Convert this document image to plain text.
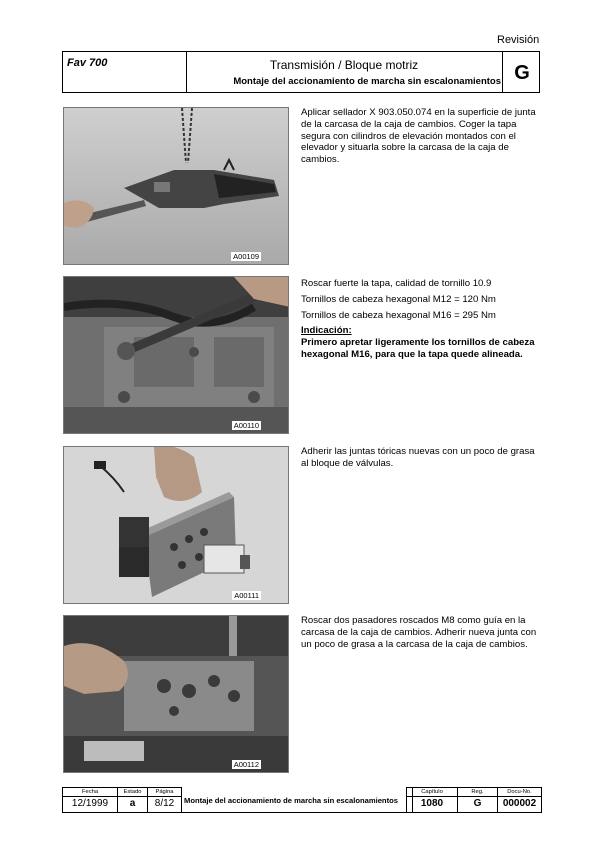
Revisión
Fav 700	Transmisión / Bloque motriz
Montaje del accionamiento de marcha sin escalonamientos G
A00109

Aplicar sellador X 903.050.074 en la superficie de junta de la carcasa de la caja de cambios. Coger la tapa segura con cilindros de elevación montados con el elevador y situarla sobre la carcasa de la caja de cambios.

A00110

Roscar fuerte la tapa, calidad de tornillo 10.9

Tornillos de cabeza hexagonal M12 = 120 Nm

Tornillos de cabeza hexagonal M16 = 295 Nm

Indicación:

Primero apretar ligeramente los tornillos de cabeza hexagonal M16, para que la tapa quede alineada.

A00111

Adherir las juntas tóricas nuevas con un poco de grasa al bloque de válvulas.

A00112

Roscar dos pasadores roscados M8 como guía en la carcasa de la caja de cambios. Adherir nueva junta con un poco de grasa a la carcasa de la caja de cambios.

Fecha
12/1999
Estado
a
Página
8/12	Montaje del accionamiento de marcha sin escalonamientos
Capítulo
1080
Reg.
G
Docu-No.
000002
